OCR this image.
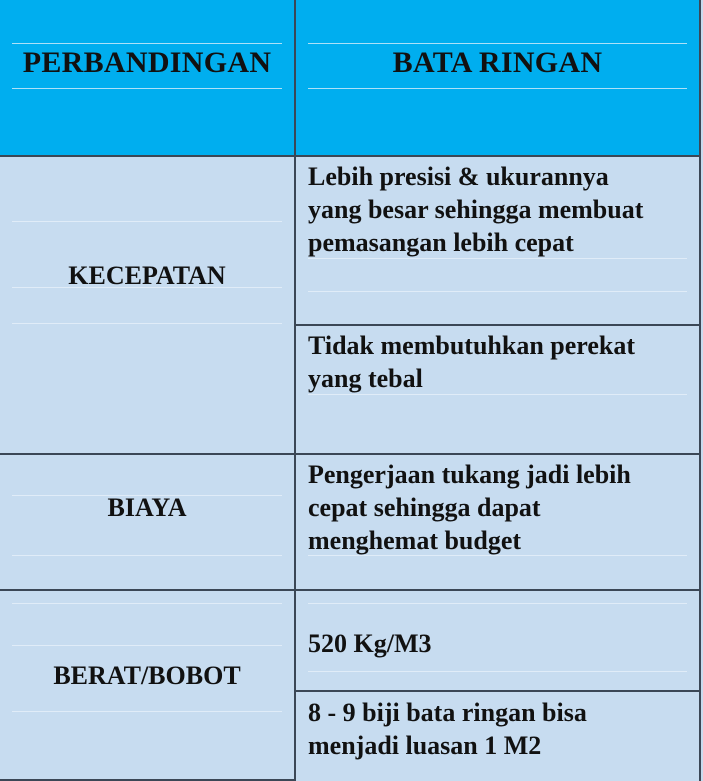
PERBANDINGAN	BATA RINGAN
KECEPATAN
Lebih presisi & ukurannya
yang besar sehingga membuat
pemasangan lebih cepat
Tidak membutuhkan perekat
yang tebal
BIAYA
Pengerjaan tukang jadi lebih
cepat sehingga dapat
menghemat budget
BERAT/BOBOT
520 Kg/M3
8 - 9 biji bata ringan bisa
menjadi luasan 1 M2
